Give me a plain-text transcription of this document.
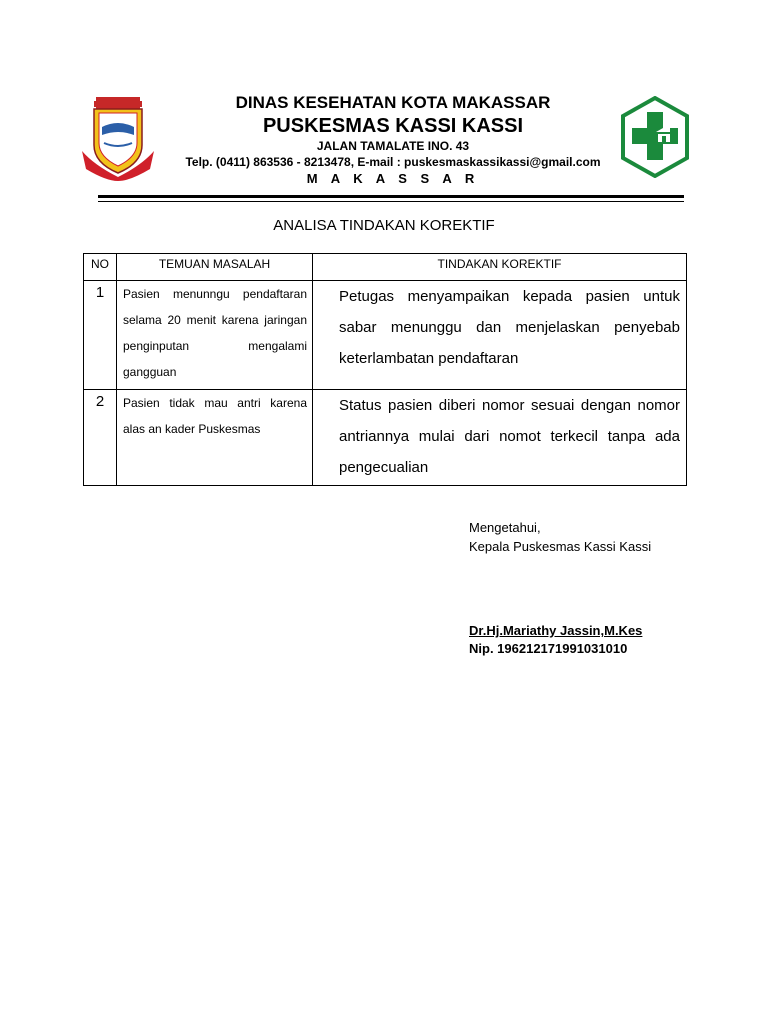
DINAS KESEHATAN KOTA MAKASSAR
PUSKESMAS KASSI KASSI
JALAN TAMALATE INO. 43
Telp. (0411) 863536 - 8213478, E-mail : puskesmaskassikassi@gmail.com
M A K A S S A R
ANALISA TINDAKAN KOREKTIF
NO	TEMUAN MASALAH	TINDAKAN KOREKTIF
1	Pasien menunngu pendaftaran selama 20 menit karena jaringan penginputan mengalami gangguan	Petugas menyampaikan kepada pasien untuk sabar menunggu dan menjelaskan penyebab keterlambatan pendaftaran
2	Pasien tidak mau antri karena alas an kader Puskesmas	Status pasien diberi nomor sesuai dengan nomor antriannya mulai dari nomot terkecil tanpa ada pengecualian
Mengetahui,
Kepala Puskesmas Kassi Kassi
Dr.Hj.Mariathy Jassin,M.Kes
Nip. 196212171991031010
